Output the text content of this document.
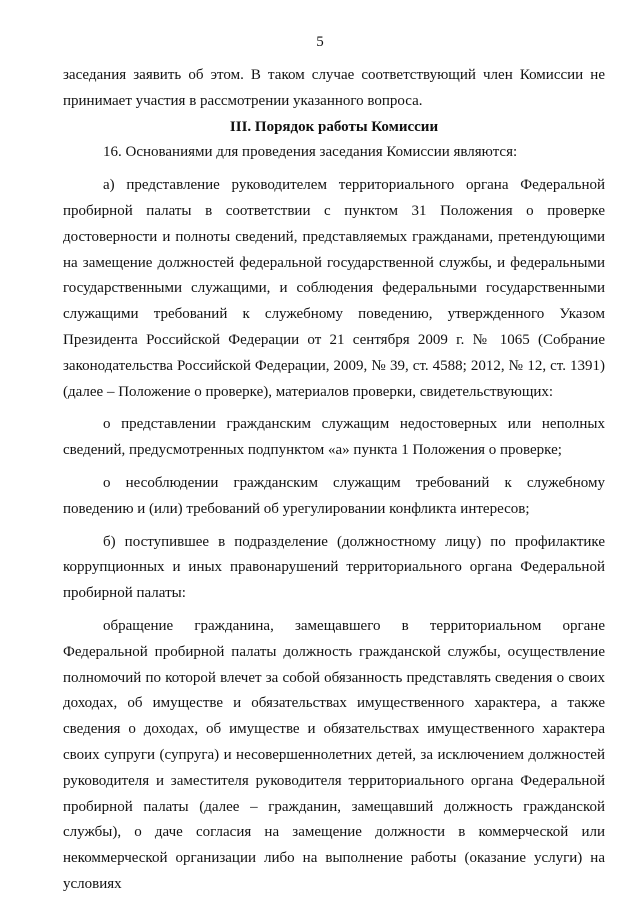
5

заседания заявить об этом. В таком случае соответствующий член Комиссии не принимает участия в рассмотрении указанного вопроса.

III. Порядок работы Комиссии

16. Основаниями для проведения заседания Комиссии являются:

а) представление руководителем территориального органа Федеральной пробирной палаты в соответствии с пунктом 31 Положения о проверке достоверности и полноты сведений, представляемых гражданами, претендующими на замещение должностей федеральной государственной службы, и федеральными государственными служащими, и соблюдения федеральными государственными служащими требований к служебному поведению, утвержденного Указом Президента Российской Федерации от 21 сентября 2009 г. № 1065 (Собрание законодательства Российской Федерации, 2009, № 39, ст. 4588; 2012, № 12, ст. 1391) (далее – Положение о проверке), материалов проверки, свидетельствующих:

о представлении гражданским служащим недостоверных или неполных сведений, предусмотренных подпунктом «а» пункта 1 Положения о проверке;

о несоблюдении гражданским служащим требований к служебному поведению и (или) требований об урегулировании конфликта интересов;

б) поступившее в подразделение (должностному лицу) по профилактике коррупционных и иных правонарушений территориального органа Федеральной пробирной палаты:

обращение гражданина, замещавшего в территориальном органе Федеральной пробирной палаты должность гражданской службы, осуществление полномочий по которой влечет за собой обязанность представлять сведения о своих доходах, об имуществе и обязательствах имущественного характера, а также сведения о доходах, об имуществе и обязательствах имущественного характера своих супруги (супруга) и несовершеннолетних детей, за исключением должностей руководителя и заместителя руководителя территориального органа Федеральной пробирной палаты (далее – гражданин, замещавший должность гражданской службы), о даче согласия на замещение должности в коммерческой или некоммерческой организации либо на выполнение работы (оказание услуги) на условиях
